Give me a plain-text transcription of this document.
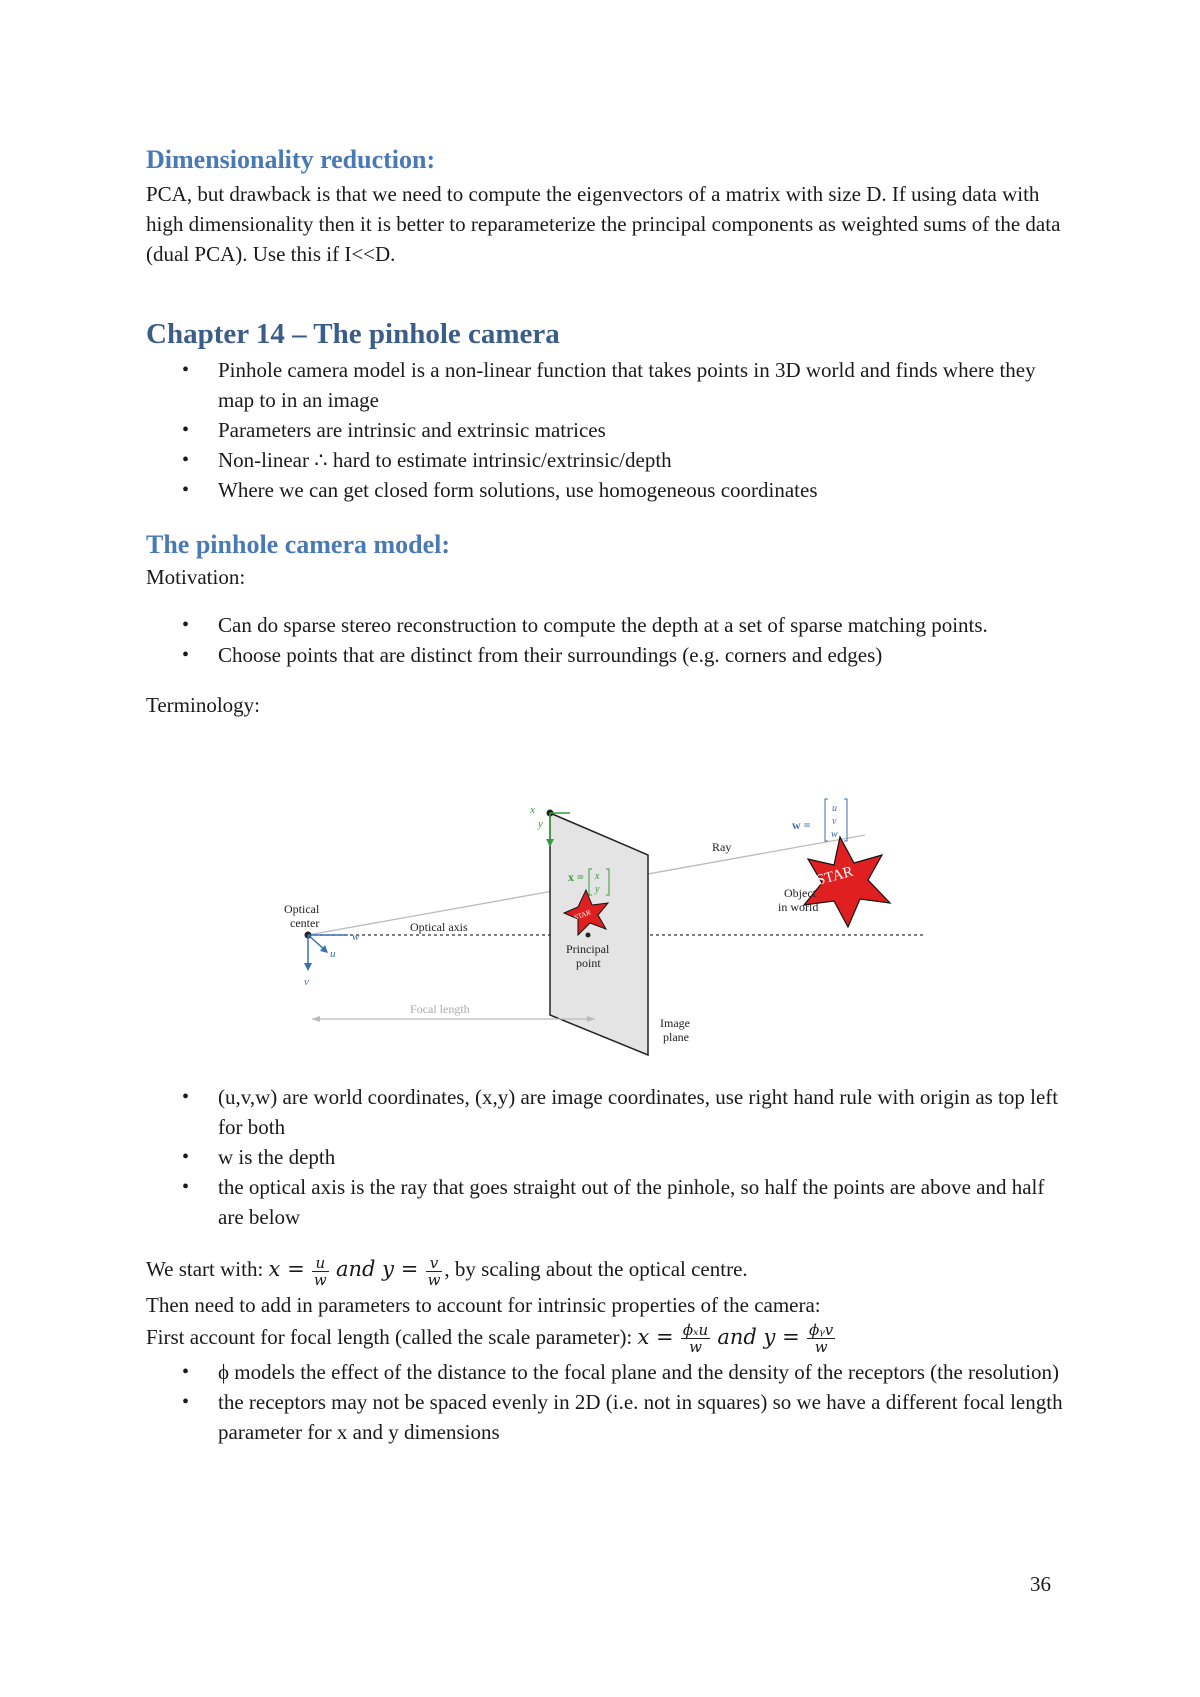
Dimensionality reduction:

PCA, but drawback is that we need to compute the eigenvectors of a matrix with size D. If using data with high dimensionality then it is better to reparameterize the principal components as weighted sums of the data (dual PCA). Use this if I<<D.

Chapter 14 – The pinhole camera
• Pinhole camera model is a non-linear function that takes points in 3D world and finds where they map to in an image
• Parameters are intrinsic and extrinsic matrices
• Non-linear ∴ hard to estimate intrinsic/extrinsic/depth
• Where we can get closed form solutions, use homogeneous coordinates
The pinhole camera model:

Motivation:

• Can do sparse stereo reconstruction to compute the depth at a set of sparse matching points.
• Choose points that are distinct from their surroundings (e.g. corners and edges)

Terminology:

STAR
STAR
Optical
center	Optical axis
Focal length
Principal
point
Image
plane
Ray
Object
in world
x
y
w
u
v
x = x
y
w =
u
v
w
• (u,v,w) are world coordinates, (x,y) are image coordinates, use right hand rule with origin as top left for both
• w is the depth
• the optical axis is the ray that goes straight out of the pinhole, so half the points are above and half are below

We start with: $x = \frac{u}{w}$ and $y = \frac{v}{w}$ , by scaling about the optical centre.

Then need to add in parameters to account for intrinsic properties of the camera:

First account for focal length (called the scale parameter): $x = \frac{\text{ϕₓu}}{w}$ and $y = \frac{\text{ϕᵧv}}{w}$

• ϕ models the effect of the distance to the focal plane and the density of the receptors (the resolution)
• the receptors may not be spaced evenly in 2D (i.e. not in squares) so we have a different focal length parameter for x and y dimensions
36
